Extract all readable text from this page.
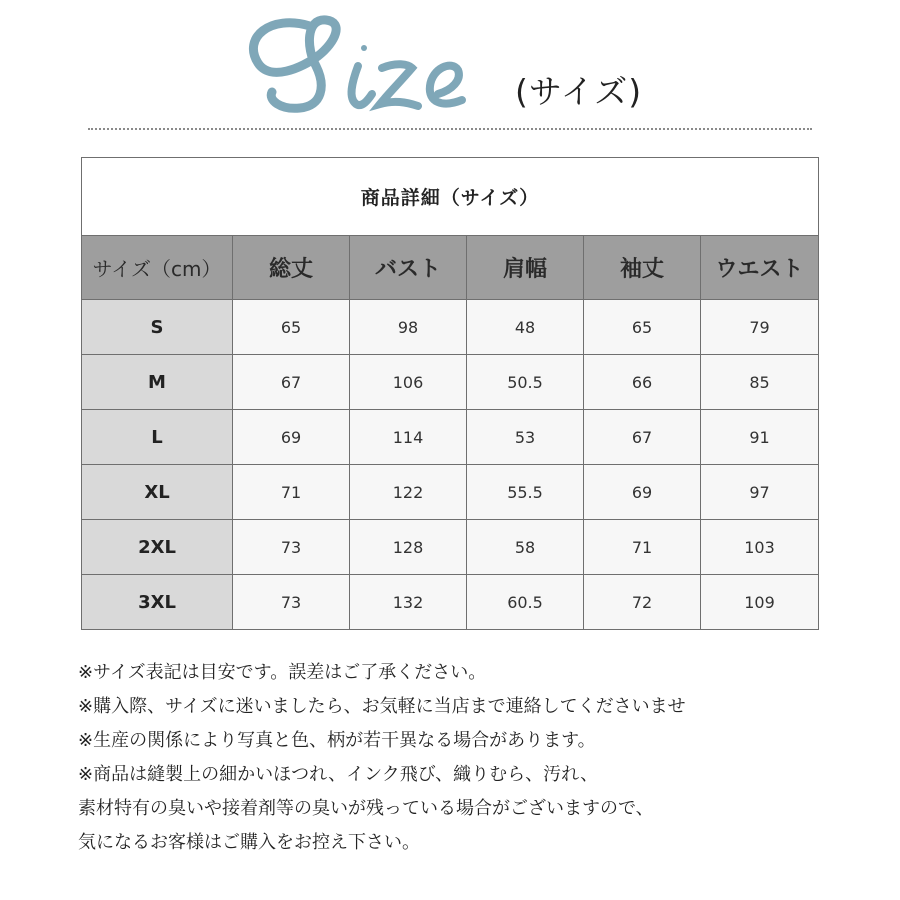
Size
(サイズ)
商品詳細（サイズ）					
サイズ（cm）	総丈	バスト	肩幅	袖丈	ウエスト
S	65	98	48	65	79
M	67	106	50.5	66	85
L	69	114	53	67	91
XL	71	122	55.5	69	97
2XL	73	128	58	71	103
3XL	73	132	60.5	72	109
※サイズ表記は目安です。誤差はご了承ください。
※購入際、サイズに迷いましたら、お気軽に当店まで連絡してくださいませ
※生産の関係により写真と色、柄が若干異なる場合があります。
※商品は縫製上の細かいほつれ、インク飛び、織りむら、汚れ、
素材特有の臭いや接着剤等の臭いが残っている場合がございますので、
気になるお客様はご購入をお控え下さい。
